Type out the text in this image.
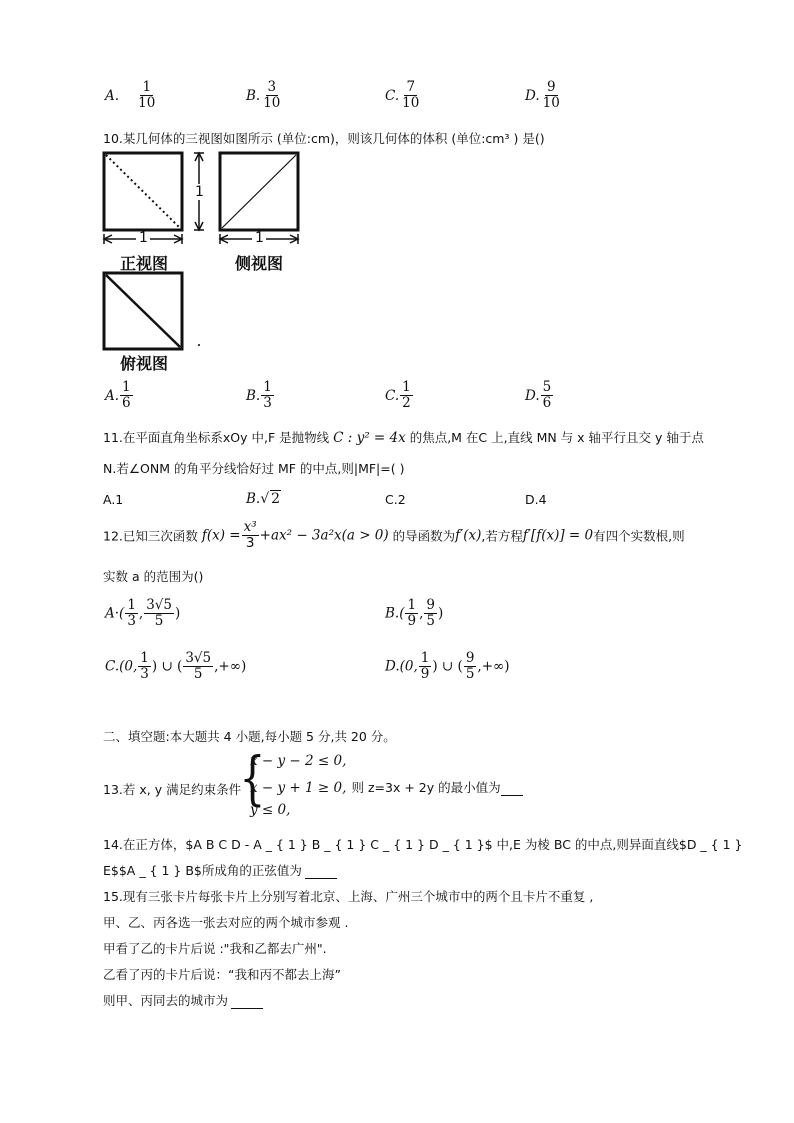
A. $\frac{1}{10}$	B. $\frac{3}{10}$	C. $\frac{7}{10}$	D. $\frac{9}{10}$
10.某几何体的三视图如图所示 (单位:cm)，则该几何体的体积 (单位:cm³ ) 是()
1
1
正视图
1
侧视图
俯视图
A. $\frac{1}{6}$	B. $\frac{1}{3}$	C. $\frac{1}{2}$	D. $\frac{5}{6}$
11.在平面直角坐标系xOy 中,F 是抛物线 C : y² = 4x 的焦点,M 在C 上,直线 MN 与 x 轴平行且交 y 轴于点
N.若∠ONM 的角平分线恰好过 MF 的中点,则|MF|=( )
A.1	B.√ 2	C.2	D.4
12.已知三次函数 $f(x) = \frac{\text{x³}}{3} +ax^2 - 3a^2x(a > 0)$ 的导函数为f′(x),若方程f′[f(x)] = 0有四个实数根,则
实数 a 的范围为()
$A\cdot( \frac{1}{3}$ , $\frac{3√5}{5}$ )	$B.( \frac{1}{9}$ , $\frac{9}{5}$ )
C.(0, $\frac{1}{3}$ ) ∪ ( $\frac{3√5}{5}$ ,+∞)	D.(0, $\frac{1}{9}$ ) ∪ ( $\frac{9}{5}$ ,+∞)
二、填空题:本大题共 4 小题,每小题 5 分,共 20 分。
13.若 x, y 满足约束条件
{
x − y − 2 ≤ 0,
x − y + 1 ≥ 0, 则 z=3x + 2y 的最小值为
y ≤ 0,
14.在正方体，$A B C D - A _ { 1 } B _ { 1 } C _ { 1 } D _ { 1 }$ 中,E 为棱 BC 的中点,则异面直线$D _ { 1 }
E$$A _ { 1 } B$所成角的正弦值为
15.现有三张卡片每张卡片上分别写着北京、上海、广州三个城市中的两个且卡片不重复 ,
甲、乙、丙各选一张去对应的两个城市参观 .
甲看了乙的卡片后说 :"我和乙都去广州".
乙看了丙的卡片后说：“我和丙不都去上海”
则甲、丙同去的城市为
